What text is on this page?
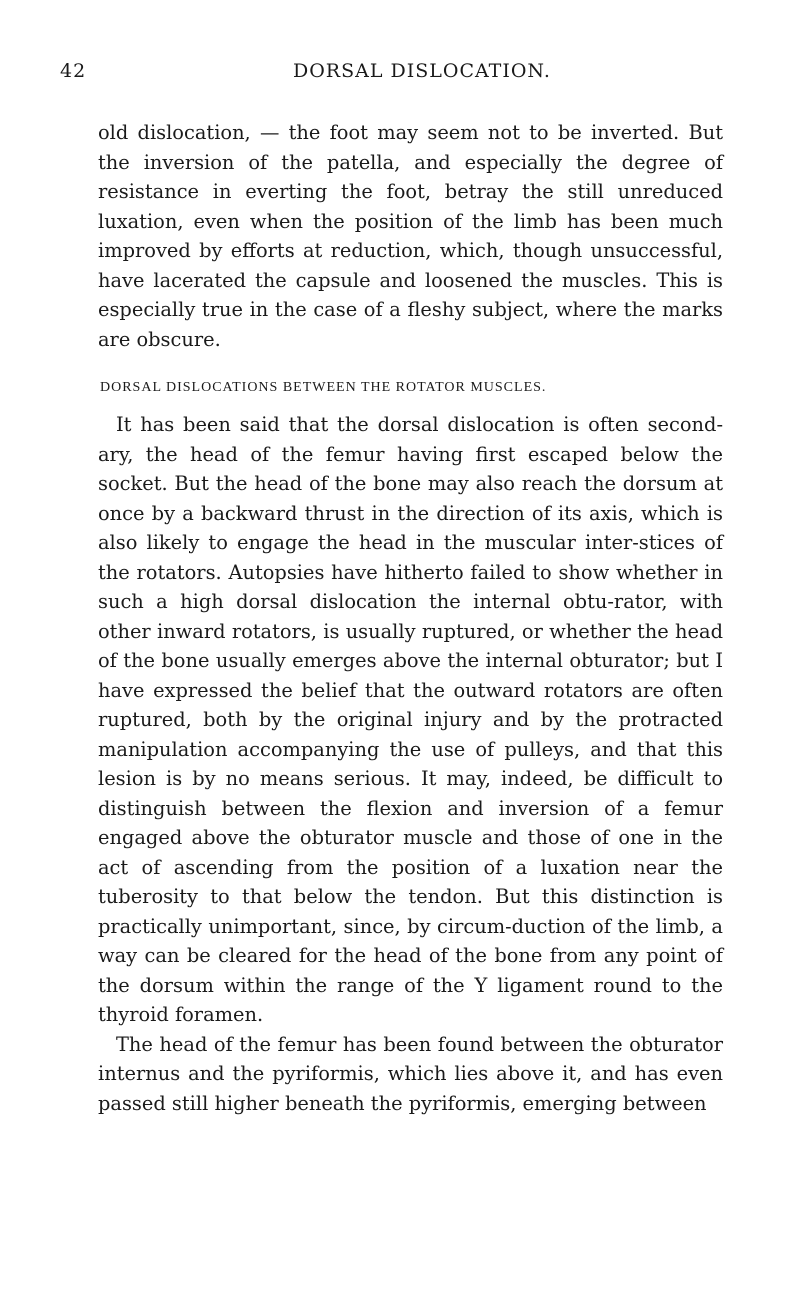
42	DORSAL DISLOCATION.

old dislocation, — the foot may seem not to be inverted. But the inversion of the patella, and especially the degree of resistance in everting the foot, betray the still unreduced luxation, even when the position of the limb has been much improved by efforts at reduction, which, though unsuccessful, have lacerated the capsule and loosened the muscles. This is especially true in the case of a fleshy subject, where the marks are obscure.

DORSAL DISLOCATIONS BETWEEN THE ROTATOR MUSCLES.

It has been said that the dorsal dislocation is often second-ary, the head of the femur having first escaped below the socket. But the head of the bone may also reach the dorsum at once by a backward thrust in the direction of its axis, which is also likely to engage the head in the muscular inter-stices of the rotators. Autopsies have hitherto failed to show whether in such a high dorsal dislocation the internal obtu-rator, with other inward rotators, is usually ruptured, or whether the head of the bone usually emerges above the internal obturator; but I have expressed the belief that the outward rotators are often ruptured, both by the original injury and by the protracted manipulation accompanying the use of pulleys, and that this lesion is by no means serious. It may, indeed, be difficult to distinguish between the flexion and inversion of a femur engaged above the obturator muscle and those of one in the act of ascending from the position of a luxation near the tuberosity to that below the tendon. But this distinction is practically unimportant, since, by circum-duction of the limb, a way can be cleared for the head of the bone from any point of the dorsum within the range of the Y ligament round to the thyroid foramen.

The head of the femur has been found between the obturator internus and the pyriformis, which lies above it, and has even passed still higher beneath the pyriformis, emerging between
